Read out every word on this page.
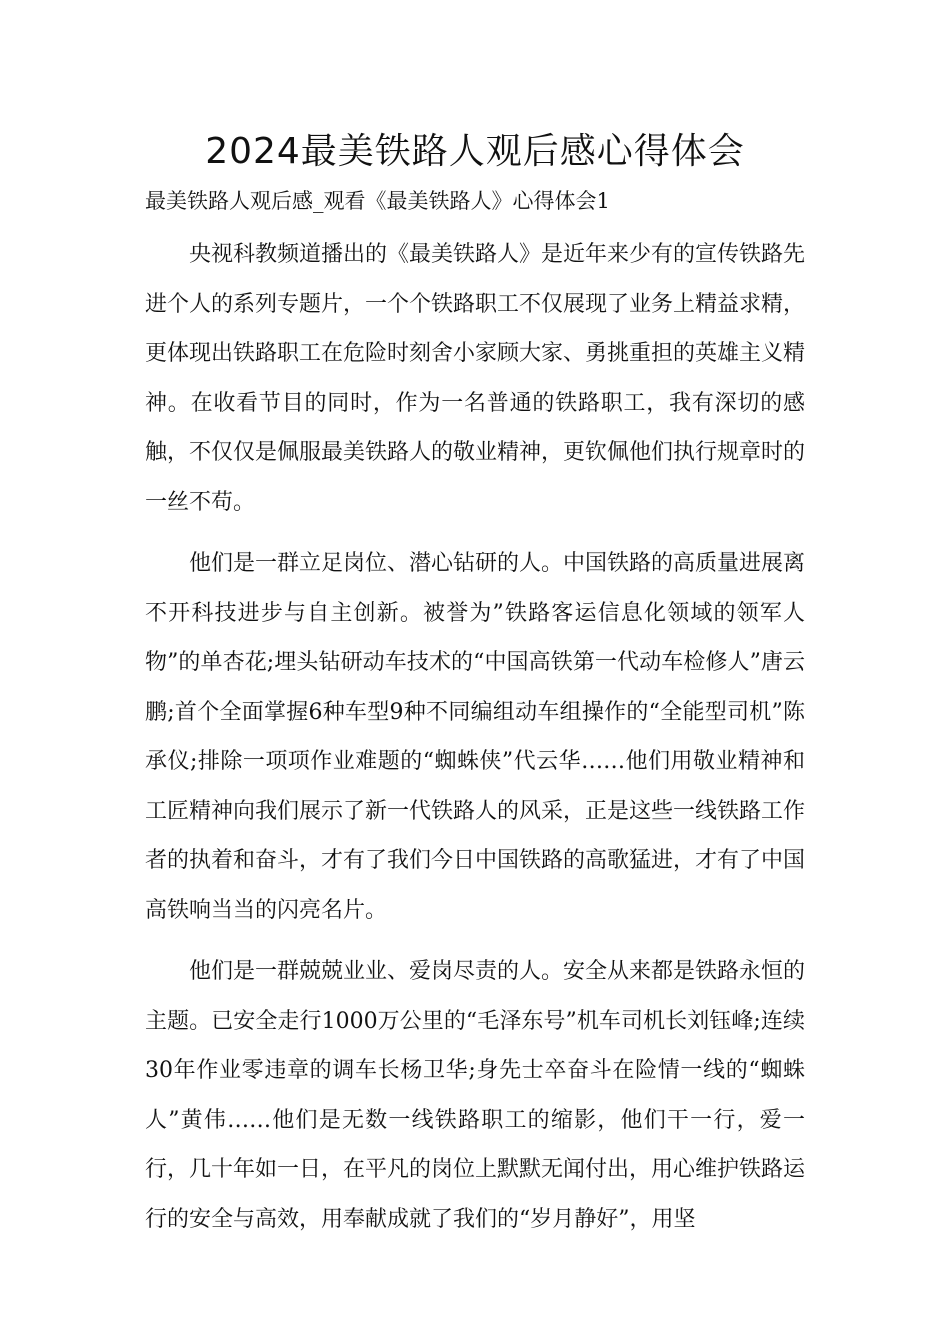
2024最美铁路人观后感心得体会

最美铁路人观后感_观看《最美铁路人》心得体会1

央视科教频道播出的《最美铁路人》是近年来少有的宣传铁路先进个人的系列专题片，一个个铁路职工不仅展现了业务上精益求精，更体现出铁路职工在危险时刻舍小家顾大家、勇挑重担的英雄主义精神。在收看节目的同时，作为一名普通的铁路职工，我有深切的感触，不仅仅是佩服最美铁路人的敬业精神，更钦佩他们执行规章时的一丝不苟。

他们是一群立足岗位、潜心钻研的人。中国铁路的高质量进展离不开科技进步与自主创新。被誉为”铁路客运信息化领域的领军人物”的单杏花;埋头钻研动车技术的“中国高铁第一代动车检修人”唐云鹏;首个全面掌握6种车型9种不同编组动车组操作的“全能型司机”陈承仪;排除一项项作业难题的“蜘蛛侠”代云华……他们用敬业精神和工匠精神向我们展示了新一代铁路人的风采，正是这些一线铁路工作者的执着和奋斗，才有了我们今日中国铁路的高歌猛进，才有了中国高铁响当当的闪亮名片。

他们是一群兢兢业业、爱岗尽责的人。安全从来都是铁路永恒的主题。已安全走行1000万公里的“毛泽东号”机车司机长刘钰峰;连续30年作业零违章的调车长杨卫华;身先士卒奋斗在险情一线的“蜘蛛人”黄伟……他们是无数一线铁路职工的缩影，他们干一行，爱一行，几十年如一日，在平凡的岗位上默默无闻付出，用心维护铁路运行的安全与高效，用奉献成就了我们的“岁月静好”，用坚
